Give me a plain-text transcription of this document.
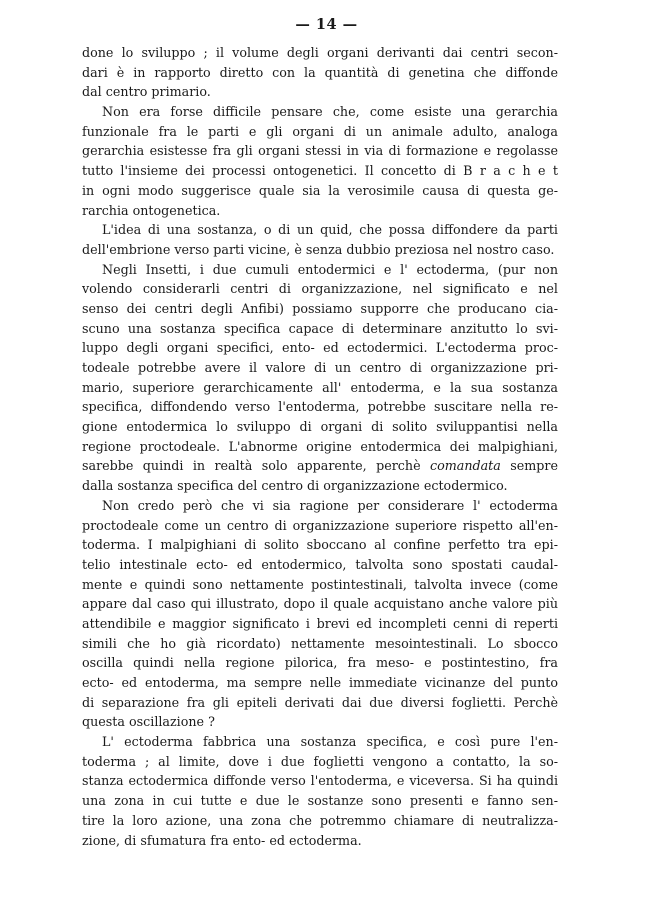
— 14 —
done lo sviluppo ; il volume degli organi derivanti dai centri secon-
dari è in rapporto diretto con la quantità di genetina che diffonde
dal centro primario.
Non era forse difficile pensare che, come esiste una gerarchia
funzionale fra le parti e gli organi di un animale adulto, analoga
gerarchia esistesse fra gli organi stessi in via di formazione e regolasse
tutto l'insieme dei processi ontogenetici. Il concetto di B r a c h e t
in ogni modo suggerisce quale sia la verosimile causa di questa ge-
rarchia ontogenetica.
L'idea di una sostanza, o di un quid, che possa diffondere da parti
dell'embrione verso parti vicine, è senza dubbio preziosa nel nostro caso.
Negli Insetti, i due cumuli entodermici e l' ectoderma, (pur non
volendo considerarli centri di organizzazione, nel significato e nel
senso dei centri degli Anfibi) possiamo supporre che producano cia-
scuno una sostanza specifica capace di determinare anzitutto lo svi-
luppo degli organi specifici, ento- ed ectodermici. L'ectoderma proc-
todeale potrebbe avere il valore di un centro di organizzazione pri-
mario, superiore gerarchicamente all' entoderma, e la sua sostanza
specifica, diffondendo verso l'entoderma, potrebbe suscitare nella re-
gione entodermica lo sviluppo di organi di solito sviluppantisi nella
regione proctodeale. L'abnorme origine entodermica dei malpighiani,
sarebbe quindi in realtà solo apparente, perchè comandata sempre
dalla sostanza specifica del centro di organizzazione ectodermico.
Non credo però che vi sia ragione per considerare l' ectoderma
proctodeale come un centro di organizzazione superiore rispetto all'en-
toderma. I malpighiani di solito sboccano al confine perfetto tra epi-
telio intestinale ecto- ed entodermico, talvolta sono spostati caudal-
mente e quindi sono nettamente postintestinali, talvolta invece (come
appare dal caso qui illustrato, dopo il quale acquistano anche valore più
attendibile e maggior significato i brevi ed incompleti cenni di reperti
simili che ho già ricordato) nettamente mesointestinali. Lo sbocco
oscilla quindi nella regione pilorica, fra meso- e postintestino, fra
ecto- ed entoderma, ma sempre nelle immediate vicinanze del punto
di separazione fra gli epiteli derivati dai due diversi foglietti. Perchè
questa oscillazione ?
L' ectoderma fabbrica una sostanza specifica, e così pure l'en-
toderma ; al limite, dove i due foglietti vengono a contatto, la so-
stanza ectodermica diffonde verso l'entoderma, e viceversa. Si ha quindi
una zona in cui tutte e due le sostanze sono presenti e fanno sen-
tire la loro azione, una zona che potremmo chiamare di neutralizza-
zione, di sfumatura fra ento- ed ectoderma.
